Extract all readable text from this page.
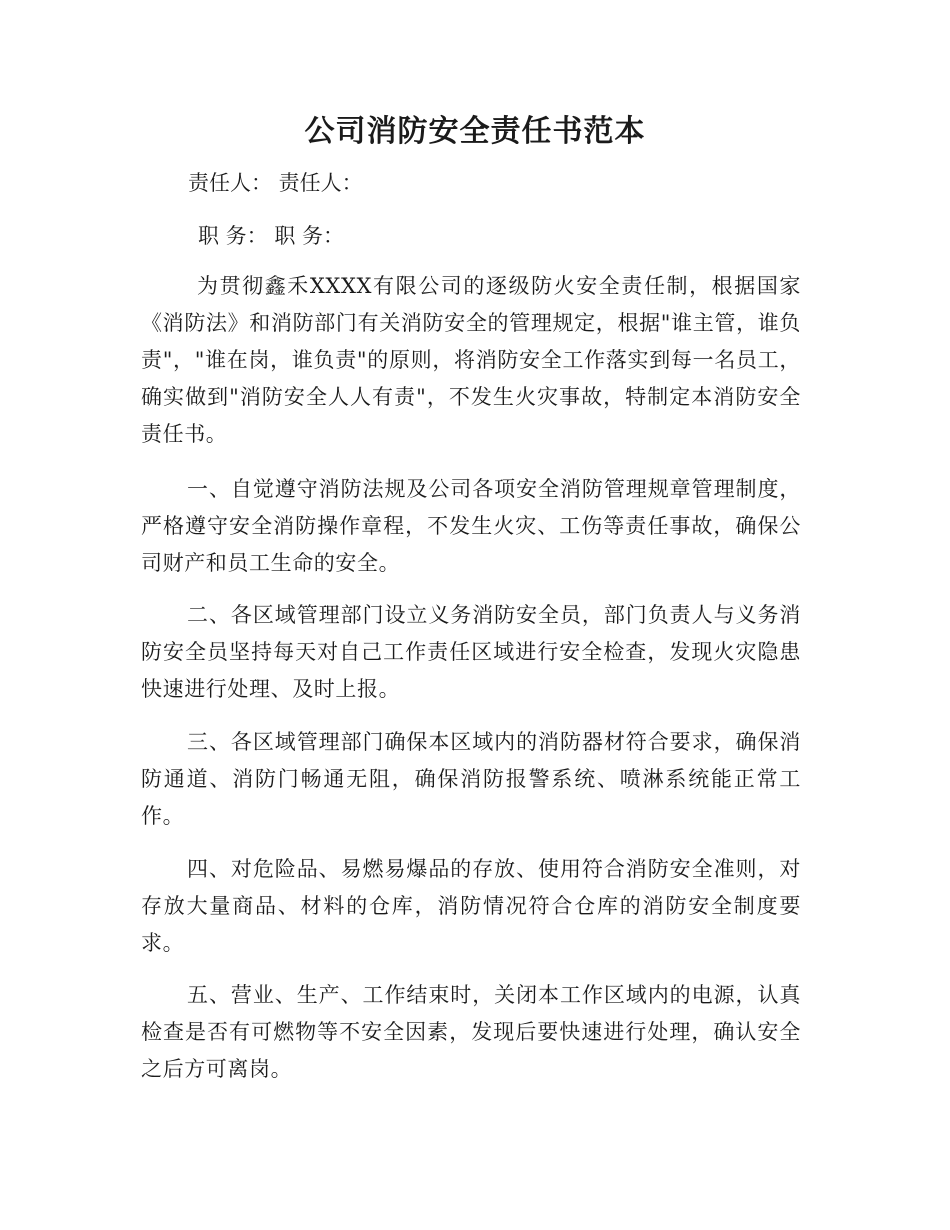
公司消防安全责任书范本
责任人： 责任人：
职 务： 职 务：
为贯彻鑫禾XXXX有限公司的逐级防火安全责任制，根据国家《消防法》和消防部门有关消防安全的管理规定，根据"谁主管，谁负责"，"谁在岗，谁负责"的原则，将消防安全工作落实到每一名员工，确实做到"消防安全人人有责"，不发生火灾事故，特制定本消防安全责任书。
一、自觉遵守消防法规及公司各项安全消防管理规章管理制度，严格遵守安全消防操作章程，不发生火灾、工伤等责任事故，确保公司财产和员工生命的安全。
二、各区域管理部门设立义务消防安全员，部门负责人与义务消防安全员坚持每天对自己工作责任区域进行安全检查，发现火灾隐患快速进行处理、及时上报。
三、各区域管理部门确保本区域内的消防器材符合要求，确保消防通道、消防门畅通无阻，确保消防报警系统、喷淋系统能正常工作。
四、对危险品、易燃易爆品的存放、使用符合消防安全准则，对存放大量商品、材料的仓库，消防情况符合仓库的消防安全制度要求。
五、营业、生产、工作结束时，关闭本工作区域内的电源，认真检查是否有可燃物等不安全因素，发现后要快速进行处理，确认安全之后方可离岗。
